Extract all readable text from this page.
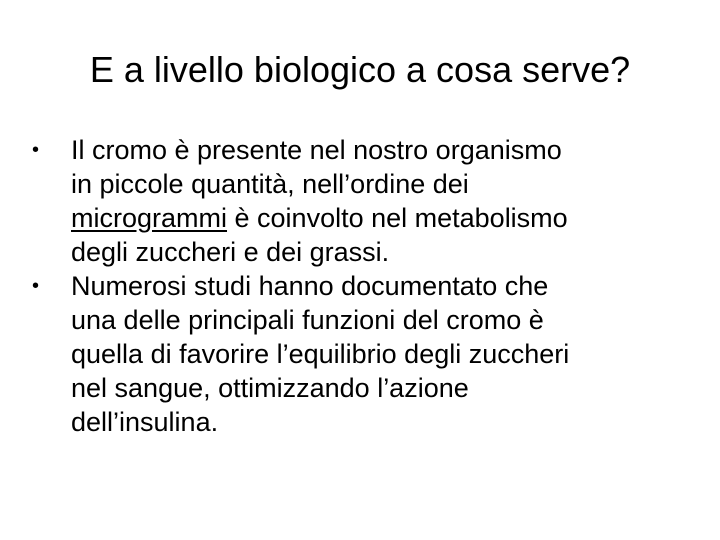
E a livello biologico a cosa serve?
•	Il cromo è presente nel nostro organismo
in piccole quantità, nell’ordine dei
microgrammi è coinvolto nel metabolismo
degli zuccheri e dei grassi.
•	Numerosi studi hanno documentato che
una delle principali funzioni del cromo è
quella di favorire l’equilibrio degli zuccheri
nel sangue, ottimizzando l’azione
dell’insulina.
